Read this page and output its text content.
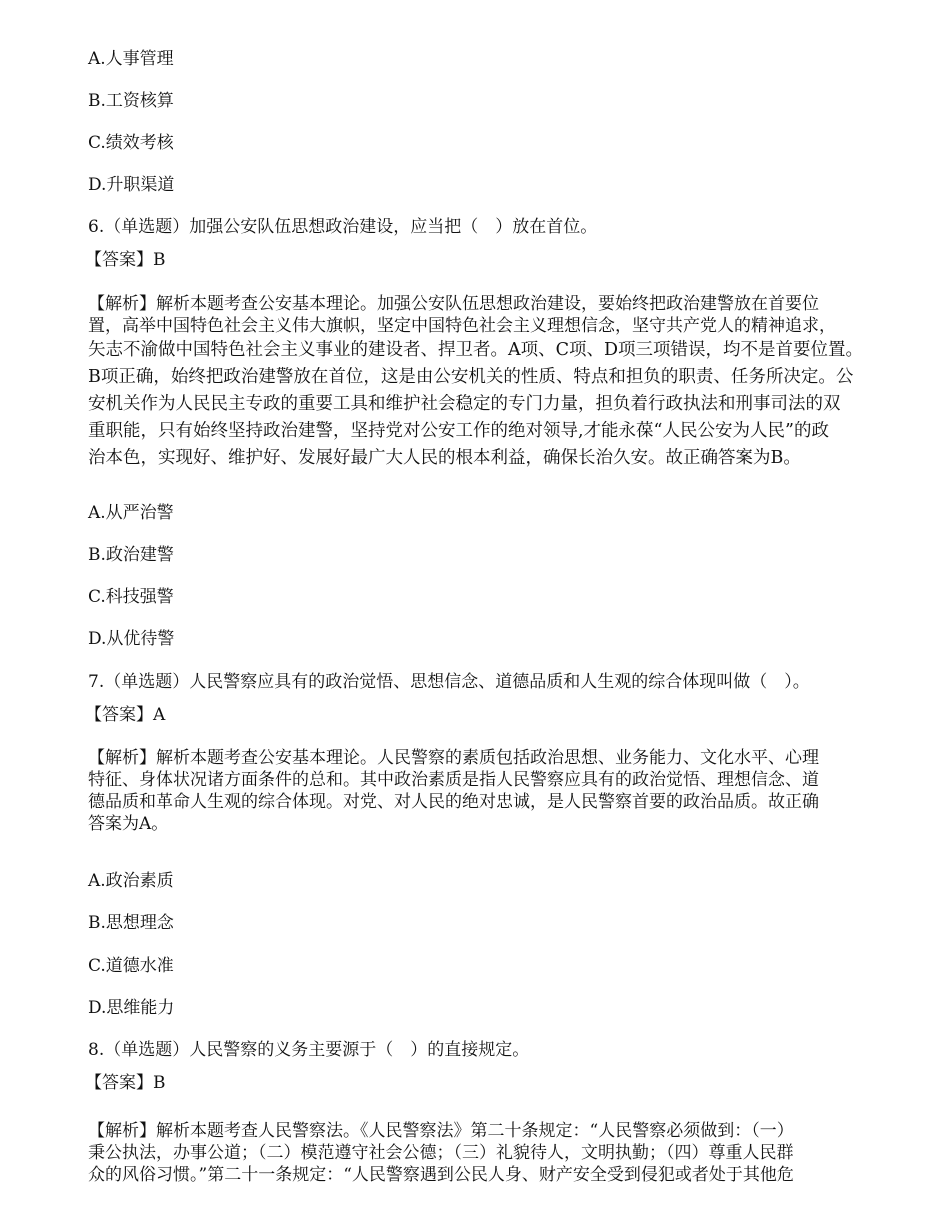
A.人事管理
B.工资核算
C.绩效考核
D.升职渠道
6.（单选题）加强公安队伍思想政治建设，应当把（　）放在首位。
【答案】B
【解析】解析本题考查公安基本理论。加强公安队伍思想政治建设，要始终把政治建警放在首要位
置，高举中国特色社会主义伟大旗帜，坚定中国特色社会主义理想信念，坚守共产党人的精神追求，
矢志不渝做中国特色社会主义事业的建设者、捍卫者。A项、C项、D项三项错误，均不是首要位置。
B项正确，始终把政治建警放在首位，这是由公安机关的性质、特点和担负的职责、任务所决定。公
安机关作为人民民主专政的重要工具和维护社会稳定的专门力量，担负着行政执法和刑事司法的双
重职能，只有始终坚持政治建警，坚持党对公安工作的绝对领导,才能永葆“人民公安为人民”的政
治本色，实现好、维护好、发展好最广大人民的根本利益，确保长治久安。故正确答案为B。
A.从严治警
B.政治建警
C.科技强警
D.从优待警
7.（单选题）人民警察应具有的政治觉悟、思想信念、道德品质和人生观的综合体现叫做（　）。
【答案】A
【解析】解析本题考查公安基本理论。人民警察的素质包括政治思想、业务能力、文化水平、心理
特征、身体状况诸方面条件的总和。其中政治素质是指人民警察应具有的政治觉悟、理想信念、道
德品质和革命人生观的综合体现。对党、对人民的绝对忠诚，是人民警察首要的政治品质。故正确
答案为A。
A.政治素质
B.思想理念
C.道德水准
D.思维能力
8.（单选题）人民警察的义务主要源于（　）的直接规定。
【答案】B
【解析】解析本题考查人民警察法。《人民警察法》第二十条规定：“人民警察必须做到：（一）
秉公执法，办事公道；（二）模范遵守社会公德；（三）礼貌待人，文明执勤；（四）尊重人民群
众的风俗习惯。”第二十一条规定：“人民警察遇到公民人身、财产安全受到侵犯或者处于其他危
